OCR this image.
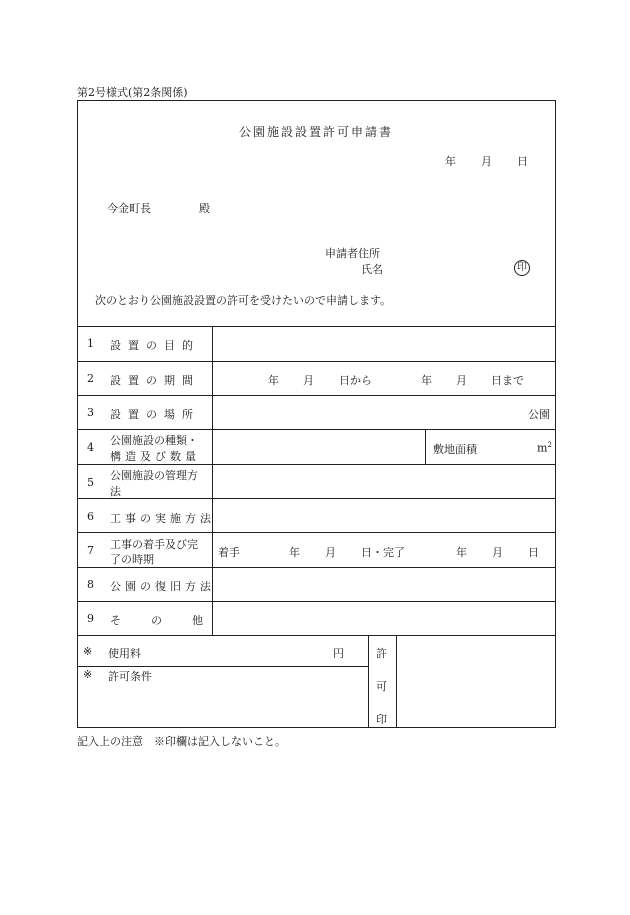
第2号様式(第2条関係)
公園施設設置許可申請書
年 月 日
今金町長	殿
申請者住所
氏名	印
次のとおり公園施設設置の許可を受けたいので申請します。
1 設置の目的
2 設置の期間	年 月 日から	年 月 日まで
3 設置の場所	公園
4
公園施設の種類・
構造及び数量
敷地面積	$m^2$
5
公園施設の管理方
法
6 工事の実施方法
7 工事の着手及び完
了の時期
着手	年 月 日・完了	年 月 日
8 公園の復旧方法
9 その他
※ 使用料	円
※ 許可条件
許
可
印
記入上の注意　※印欄は記入しないこと。
